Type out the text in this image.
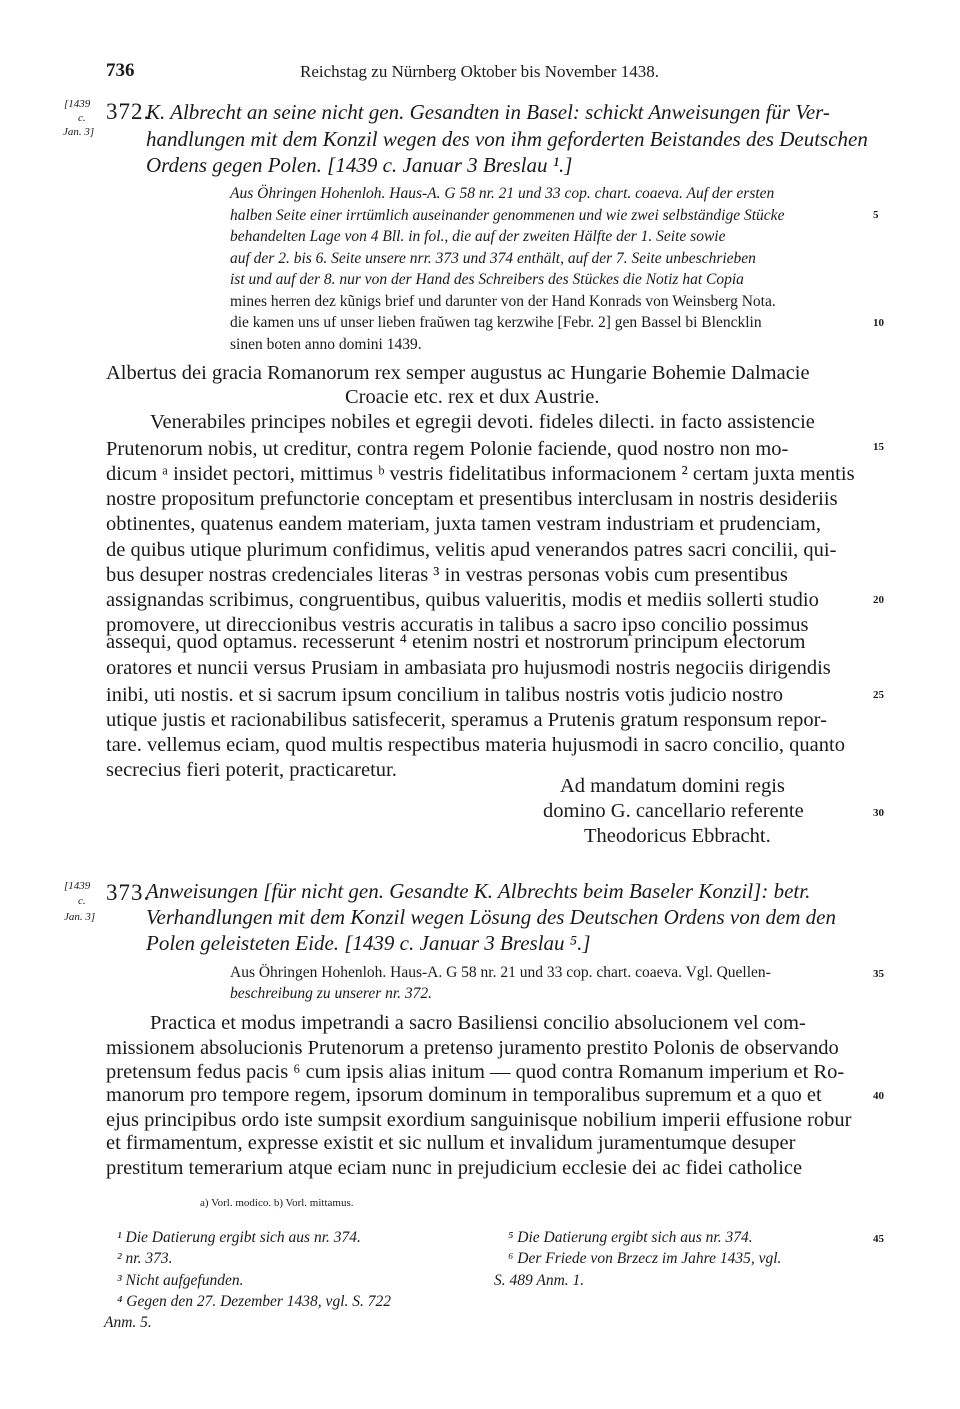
736	Reichstag zu Nürnberg Oktober bis November 1438.
[1439
c.
Jan. 3]
372.
K. Albrecht an seine nicht gen. Gesandten in Basel: schickt Anweisungen für Ver-
handlungen mit dem Konzil wegen des von ihm geforderten Beistandes des Deutschen
Ordens gegen Polen. [1439 c. Januar 3 Breslau ¹.]
Aus Öhringen Hohenloh. Haus-A. G 58 nr. 21 und 33 cop. chart. coaeva. Auf der ersten
halben Seite einer irrtümlich auseinander genommenen und wie zwei selbständige Stücke
behandelten Lage von 4 Bll. in fol., die auf der zweiten Hälfte der 1. Seite sowie
auf der 2. bis 6. Seite unsere nrr. 373 und 374 enthält, auf der 7. Seite unbeschrieben
ist und auf der 8. nur von der Hand des Schreibers des Stückes die Notiz hat Copia
mines herren dez kũnigs brief und darunter von der Hand Konrads von Weinsberg Nota.
die kamen uns uf unser lieben fraŭwen tag kerzwihe [Febr. 2] gen Bassel bi Blencklin
sinen boten anno domini 1439.
Albertus dei gracia Romanorum rex semper augustus ac Hungarie Bohemie Dalmacie
Croacie etc. rex et dux Austrie.
Venerabiles principes nobiles et egregii devoti. fideles dilecti. in facto assistencie
Prutenorum nobis, ut creditur, contra regem Polonie faciende, quod nostro non mo-
dicum ᵃ insidet pectori, mittimus ᵇ vestris fidelitatibus informacionem ² certam juxta mentis
nostre propositum prefunctorie conceptam et presentibus interclusam in nostris desideriis
obtinentes, quatenus eandem materiam, juxta tamen vestram industriam et prudenciam,
de quibus utique plurimum confidimus, velitis apud venerandos patres sacri concilii, qui-
bus desuper nostras credenciales literas ³ in vestras personas vobis cum presentibus
assignandas scribimus, congruentibus, quibus valueritis, modis et mediis sollerti studio
promovere, ut direccionibus vestris accuratis in talibus a sacro ipso concilio possimus
assequi, quod optamus. recesserunt ⁴ etenim nostri et nostrorum principum electorum
oratores et nuncii versus Prusiam in ambasiata pro hujusmodi nostris negociis dirigendis
inibi, uti nostis. et si sacrum ipsum concilium in talibus nostris votis judicio nostro
utique justis et racionabilibus satisfecerit, speramus a Prutenis gratum responsum repor-
tare. vellemus eciam, quod multis respectibus materia hujusmodi in sacro concilio, quanto
secrecius fieri poterit, practicaretur.
Ad mandatum domini regis
domino G. cancellario referente
Theodoricus Ebbracht.
[1439
c.
Jan. 3]
373.
Anweisungen [für nicht gen. Gesandte K. Albrechts beim Baseler Konzil]: betr.
Verhandlungen mit dem Konzil wegen Lösung des Deutschen Ordens von dem den
Polen geleisteten Eide. [1439 c. Januar 3 Breslau ⁵.]
Aus Öhringen Hohenloh. Haus-A. G 58 nr. 21 und 33 cop. chart. coaeva. Vgl. Quellen-
beschreibung zu unserer nr. 372.
Practica et modus impetrandi a sacro Basiliensi concilio absolucionem vel com-
missionem absolucionis Prutenorum a pretenso juramento prestito Polonis de observando
pretensum fedus pacis ⁶ cum ipsis alias initum — quod contra Romanum imperium et Ro-
manorum pro tempore regem, ipsorum dominum in temporalibus supremum et a quo et
ejus principibus ordo iste sumpsit exordium sanguinisque nobilium imperii effusione robur
et firmamentum, expresse existit et sic nullum et invalidum juramentumque desuper
prestitum temerarium atque eciam nunc in prejudicium ecclesie dei ac fidei catholice
a) Vorl. modico. b) Vorl. mittamus.
¹ Die Datierung ergibt sich aus nr. 374.
² nr. 373.
³ Nicht aufgefunden.
⁴ Gegen den 27. Dezember 1438, vgl. S. 722
Anm. 5.
⁵ Die Datierung ergibt sich aus nr. 374.
⁶ Der Friede von Brzecz im Jahre 1435, vgl.
S. 489 Anm. 1.
5
10
15
20
25
30
35
40
45
